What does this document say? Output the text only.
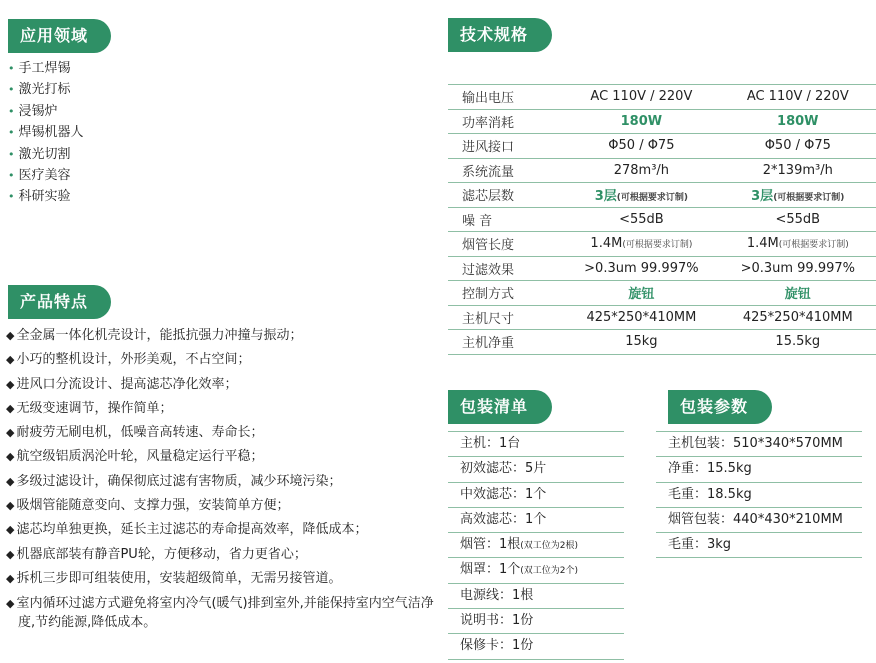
应用领域
• 手工焊锡
• 激光打标
• 浸锡炉
• 焊锡机器人
• 激光切割
• 医疗美容
• 科研实验
产品特点
◆ 全金属一体化机壳设计，能抵抗强力冲撞与振动；
◆ 小巧的整机设计，外形美观，不占空间；
◆ 进风口分流设计、提高滤芯净化效率；
◆ 无级变速调节，操作简单；
◆ 耐疲劳无刷电机，低噪音高转速、寿命长；
◆ 航空级铝质涡沦叶轮，风量稳定运行平稳；
◆ 多级过滤设计，确保彻底过滤有害物质，减少环境污染；
◆ 吸烟管能随意变向、支撑力强，安装简单方便；
◆ 滤芯均单独更换，延长主过滤芯的寿命提高效率，降低成本；
◆ 机器底部装有静音PU轮，方便移动，省力更省心；
◆ 拆机三步即可组装使用，安装超级简单，无需另接管道。
◆ 室内循环过滤方式避免将室内冷气(暖气)排到室外,并能保持室内空气洁净度,节约能源,降低成本。
技术规格
输出电压	AC 110V / 220V	AC 110V / 220V
功率消耗	180W	180W
进风接口	Φ50 / Φ75	Φ50 / Φ75
系统流量	278m³/h	2*139m³/h
滤芯层数	3层(可根据要求订制)	3层(可根据要求订制)
噪 音	<55dB	<55dB
烟管长度	1.4M(可根据要求订制)	1.4M(可根据要求订制)
过滤效果	>0.3um 99.997%	>0.3um 99.997%
控制方式	旋钮	旋钮
主机尺寸	425*250*410MM	425*250*410MM
主机净重	15kg	15.5kg
包装清单
主机：1台
初效滤芯：5片
中效滤芯：1个
高效滤芯：1个
烟管：1根(双工位为2根)
烟罩：1个(双工位为2个)
电源线：1根
说明书：1份
保修卡：1份
包装参数
主机包装：510*340*570MM
净重：15.5kg
毛重：18.5kg
烟管包装：440*430*210MM
毛重：3kg
